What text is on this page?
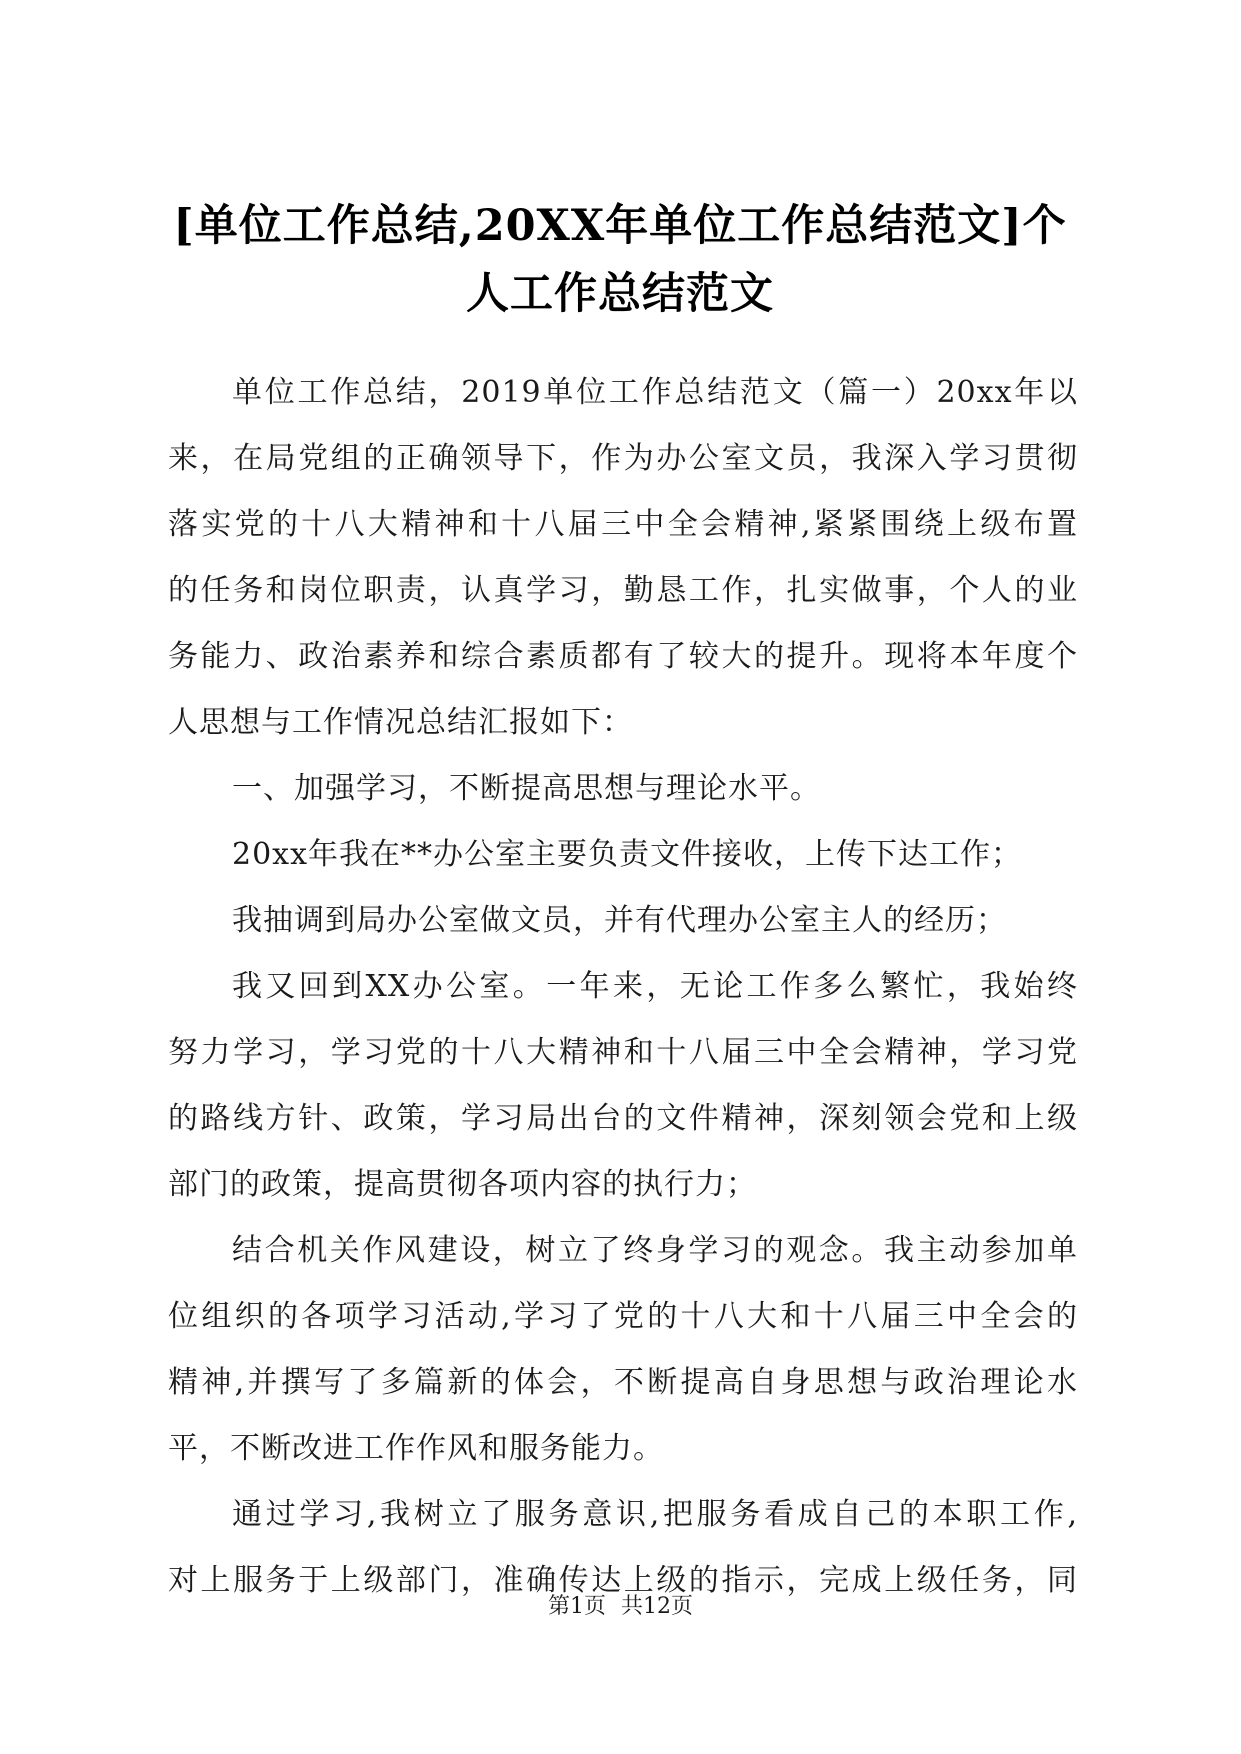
[单位工作总结,20XX年单位工作总结范文]个
人工作总结范文
单位工作总结，2019单位工作总结范文（篇一）20xx年以
来，在局党组的正确领导下，作为办公室文员，我深入学习贯彻
落实党的十八大精神和十八届三中全会精神,紧紧围绕上级布置
的任务和岗位职责，认真学习，勤恳工作，扎实做事，个人的业
务能力、政治素养和综合素质都有了较大的提升。现将本年度个
人思想与工作情况总结汇报如下：
一、加强学习，不断提高思想与理论水平。
20xx年我在**办公室主要负责文件接收，上传下达工作；
我抽调到局办公室做文员，并有代理办公室主人的经历；
我又回到XX办公室。一年来，无论工作多么繁忙，我始终
努力学习，学习党的十八大精神和十八届三中全会精神，学习党
的路线方针、政策，学习局出台的文件精神，深刻领会党和上级
部门的政策，提高贯彻各项内容的执行力；
结合机关作风建设，树立了终身学习的观念。我主动参加单
位组织的各项学习活动,学习了党的十八大和十八届三中全会的
精神,并撰写了多篇新的体会，不断提高自身思想与政治理论水
平，不断改进工作作风和服务能力。
通过学习,我树立了服务意识,把服务看成自己的本职工作,
对上服务于上级部门，准确传达上级的指示，完成上级任务，同
第1页 共12页
